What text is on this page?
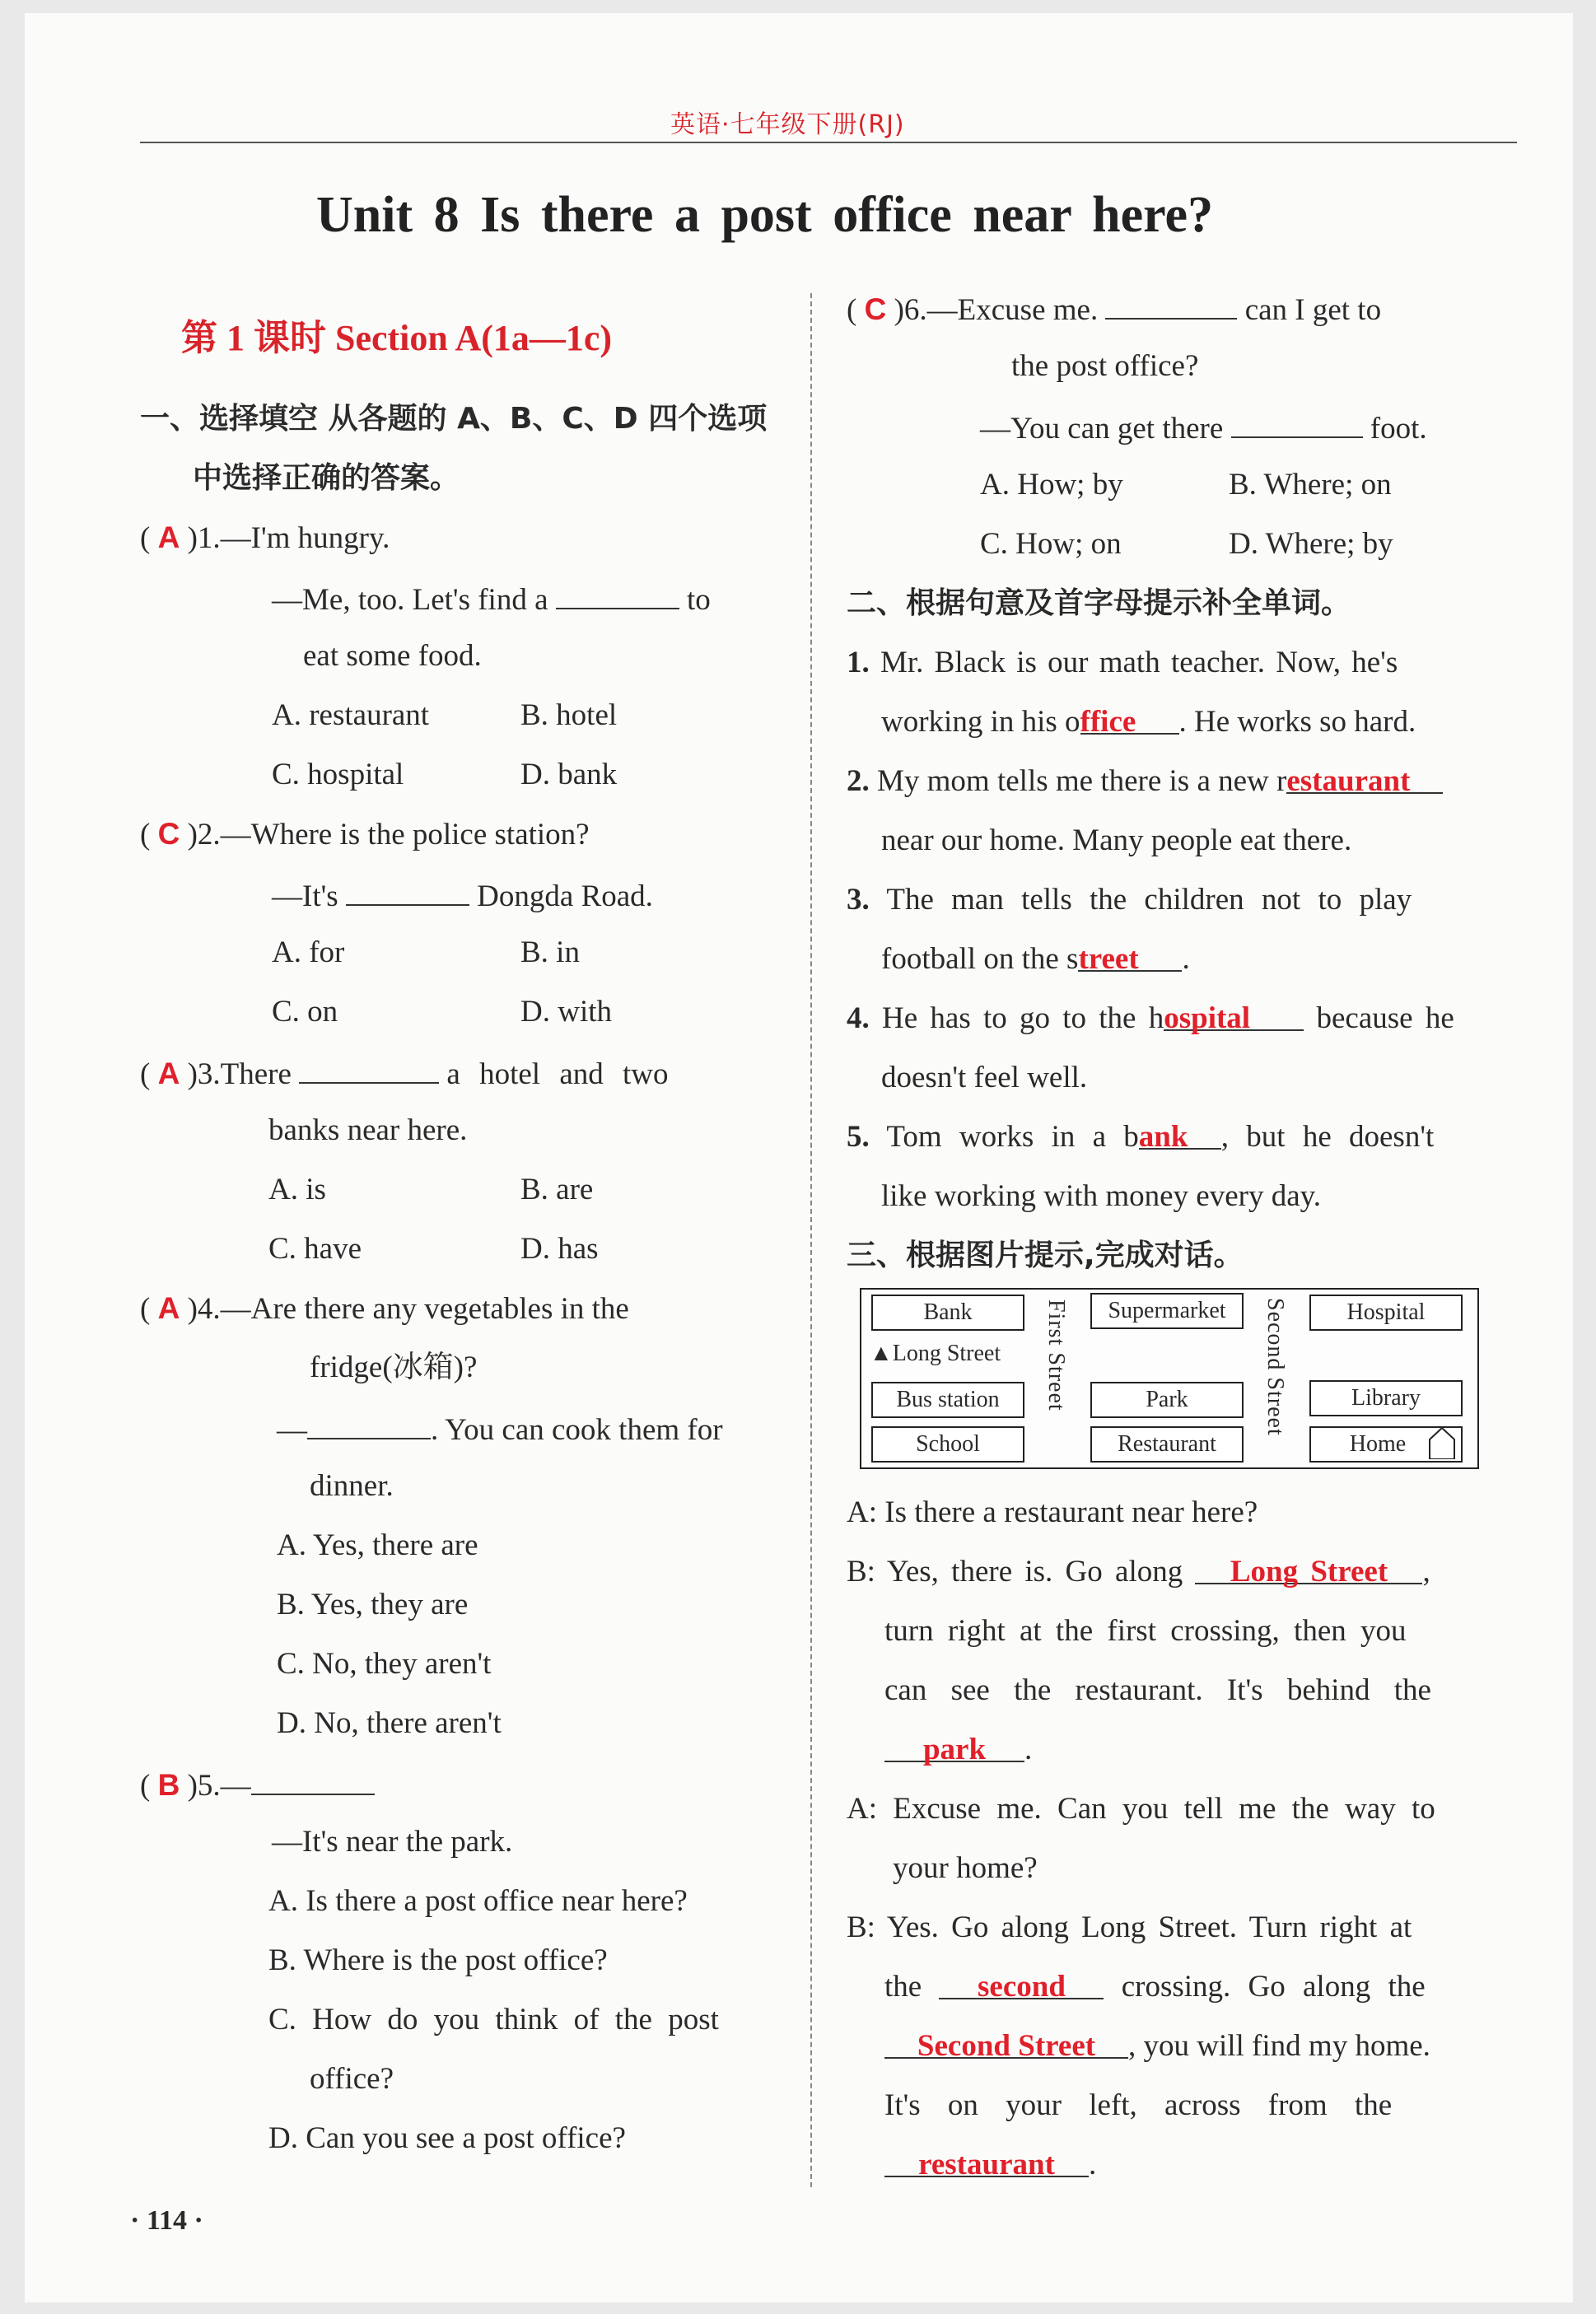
英语·七年级下册(RJ)
Unit 8 Is there a post office near here?
第 1 课时 Section A(1a—1c)
一、选择填空 从各题的 A、B、C、D 四个选项
中选择正确的答案。
( A )1.—I'm hungry.
—Me, too. Let's find a	to
eat some food.
A. restaurant	B. hotel
C. hospital	D. bank
( C )2.—Where is the police station?
—It's	Dongda Road.
A. for	B. in
C. on	D. with
( A )3.There	a hotel and two
banks near here.
A. is	B. are
C. have	D. has
( A )4.—Are there any vegetables in the
fridge(冰箱)?
—	. You can cook them for
dinner.
A. Yes, there are
B. Yes, they are
C. No, they aren't
D. No, there aren't
( B )5.—
—It's near the park.
A. Is there a post office near here?
B. Where is the post office?
C. How do you think of the post
office?
D. Can you see a post office?
( C )6.—Excuse me.	can I get to
the post office?
—You can get there	foot.
A. How; by	B. Where; on
C. How; on	D. Where; by
二、根据句意及首字母提示补全单词。
1. Mr. Black is our math teacher. Now, he's
working in his office . He works so hard.
2. My mom tells me there is a new restaurant
near our home. Many people eat there.
3. The man tells the children not to play
football on the street .
4. He has to go to the hospital because he
doesn't feel well.
5. Tom works in a bank , but he doesn't
like working with money every day.
三、根据图片提示,完成对话。
Bank
▲Long Street
Bus station
School
First Street	Supermarket
Park
Restaurant
Second Street	Hospital
Library
Home
A: Is there a restaurant near here?
B: Yes, there is. Go along Long Street ,
turn right at the first crossing, then you
can see the restaurant. It's behind the
park .
A: Excuse me. Can you tell me the way to
your home?
B: Yes. Go along Long Street. Turn right at
the second crossing. Go along the
Second Street , you will find my home.
It's on your left, across from the
restaurant .
· 114 ·
